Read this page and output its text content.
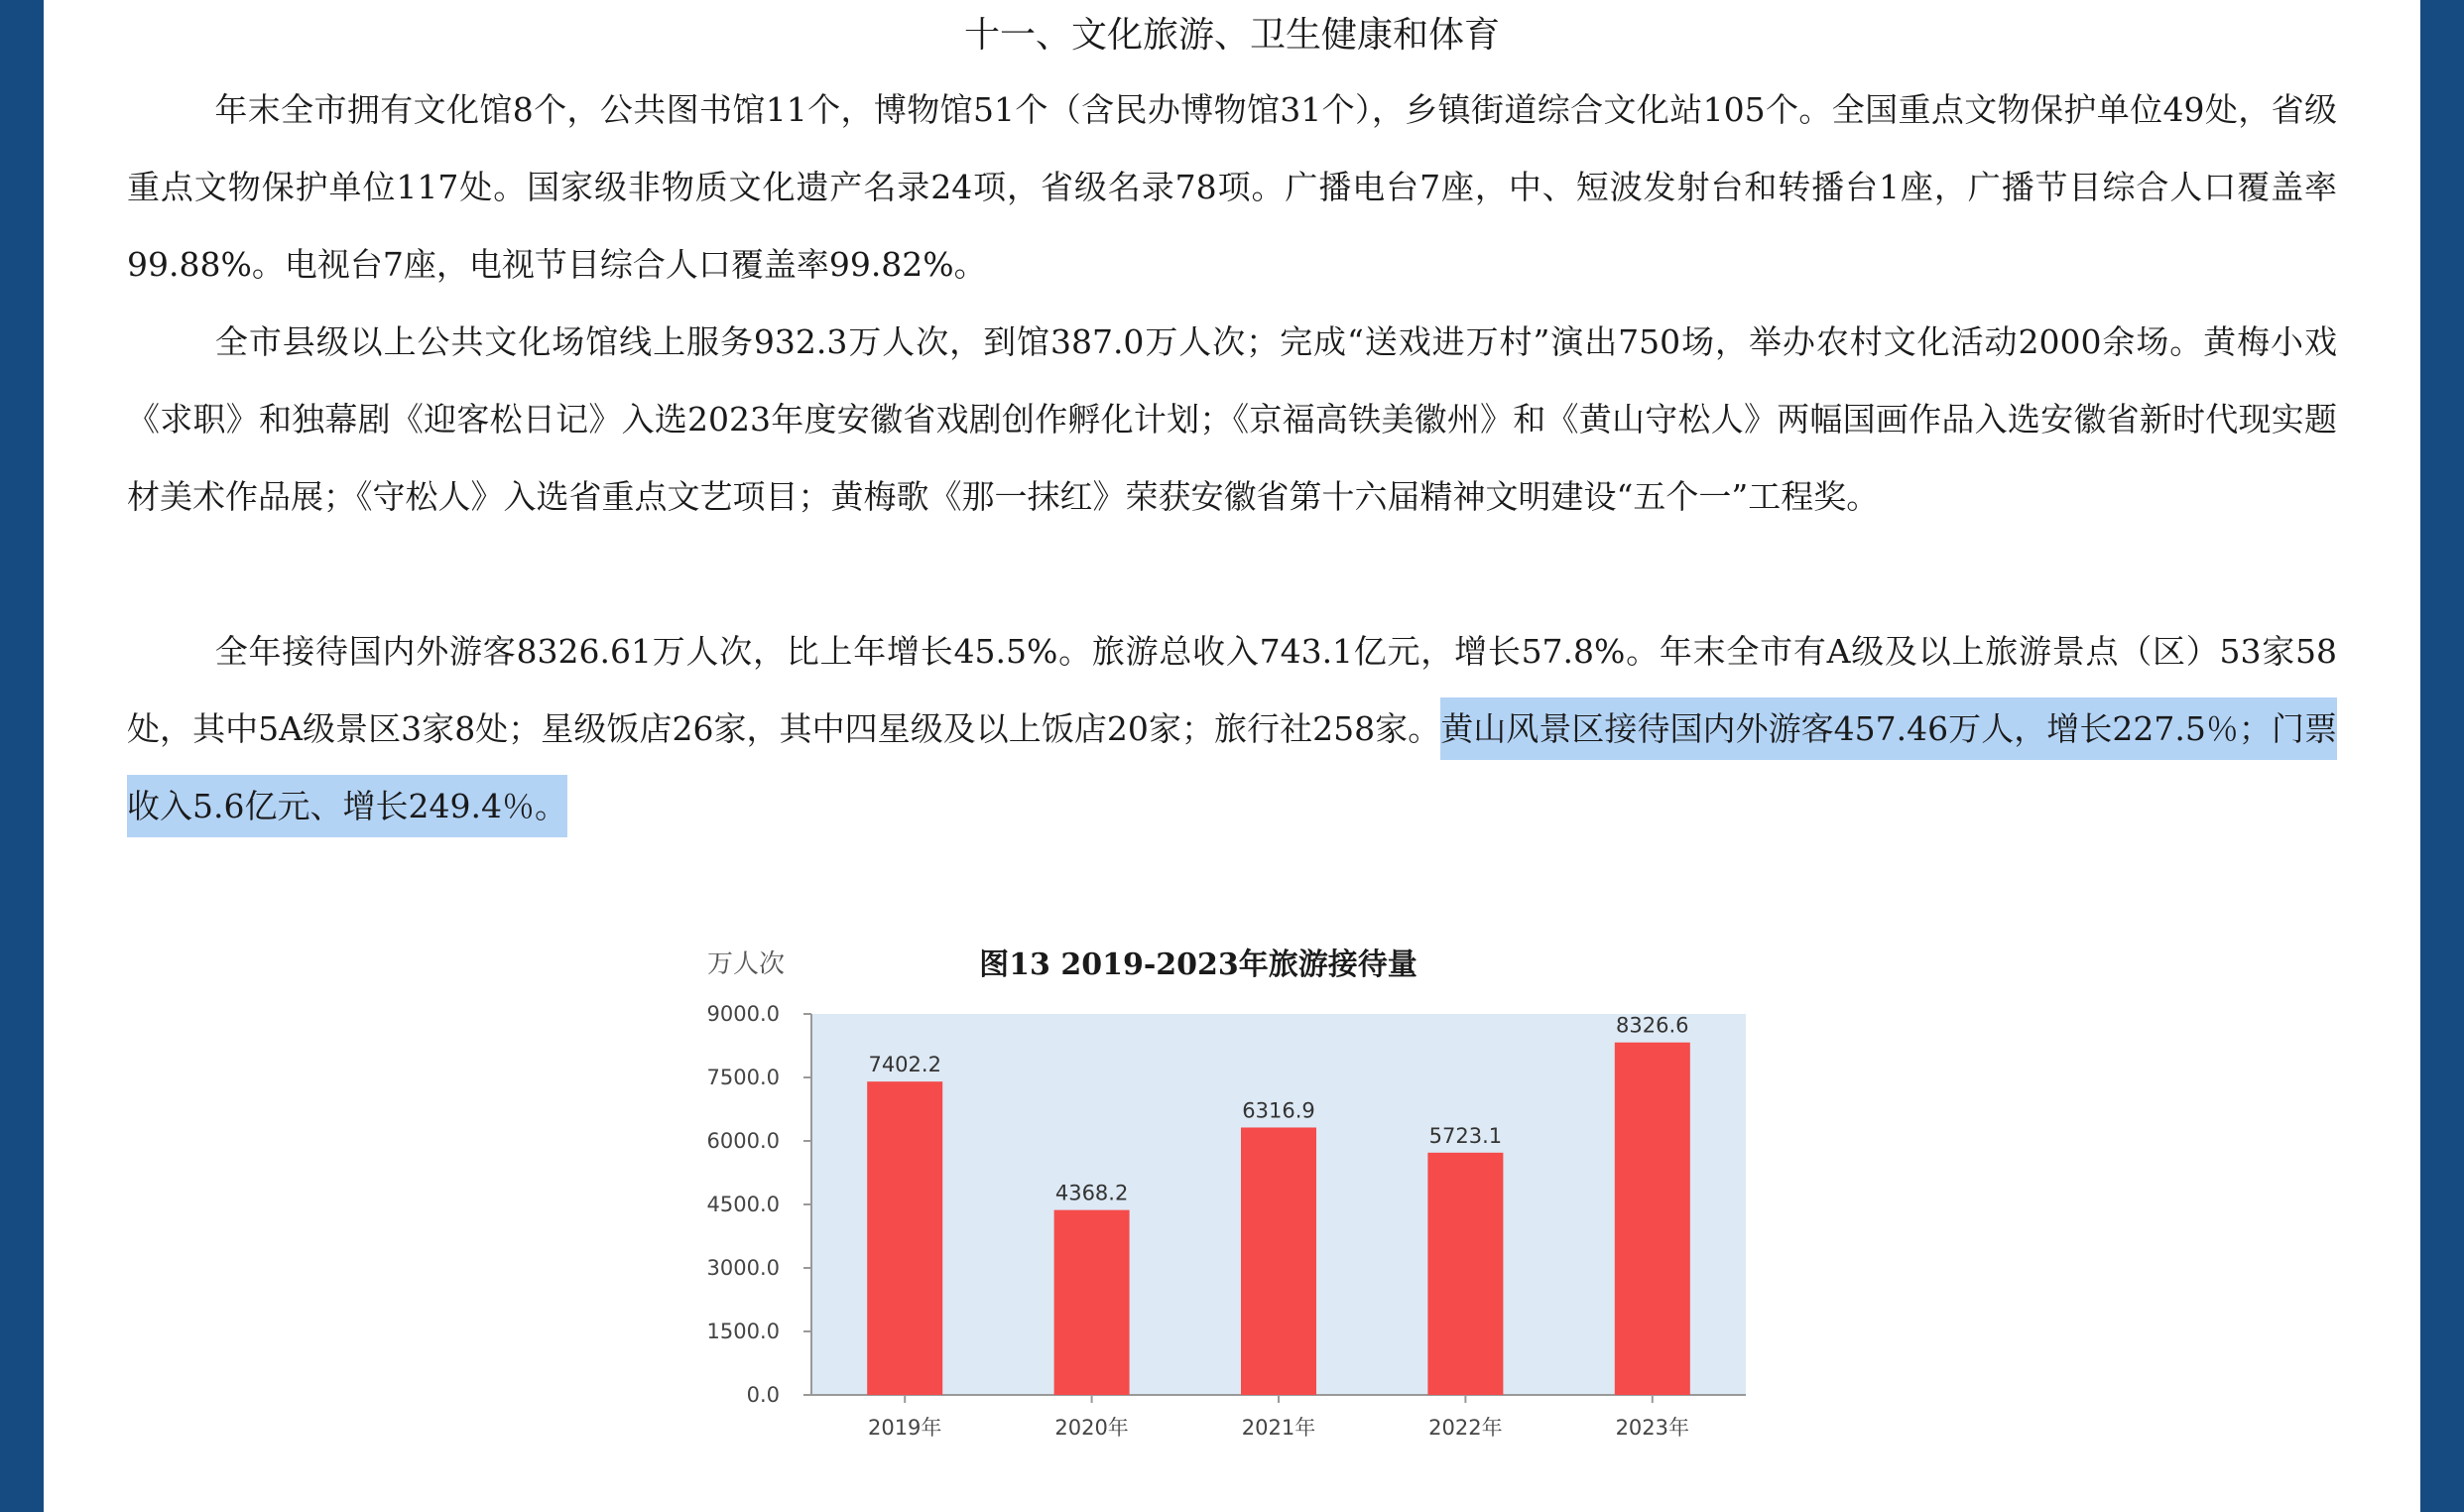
十一、文化旅游、卫生健康和体育

年末全市拥有文化馆8个，公共图书馆11个，博物馆51个（含民办博物馆31个），乡镇街道综合文化站105个。全国重点文物保护单位49处，省级重点文物保护单位117处。国家级非物质文化遗产名录24项，省级名录78项。广播电台7座，中、短波发射台和转播台1座，广播节目综合人口覆盖率99.88%。电视台7座，电视节目综合人口覆盖率99.82%。

全市县级以上公共文化场馆线上服务932.3万人次，到馆387.0万人次；完成“送戏进万村”演出750场，举办农村文化活动2000余场。黄梅小戏《求职》和独幕剧《迎客松日记》入选2023年度安徽省戏剧创作孵化计划；《京福高铁美徽州》和《黄山守松人》两幅国画作品入选安徽省新时代现实题材美术作品展；《守松人》入选省重点文艺项目；黄梅歌《那一抹红》荣获安徽省第十六届精神文明建设“五个一”工程奖。

全年接待国内外游客8326.61万人次，比上年增长45.5%。旅游总收入743.1亿元，增长57.8%。年末全市有A级及以上旅游景点（区）53家58处，其中5A级景区3家8处；星级饭店26家，其中四星级及以上饭店20家；旅行社258家。黄山风景区接待国内外游客457.46万人，增长227.5％；门票收入5.6亿元、增长249.4％。

图13 2019-2023年旅游接待量
万人次
0.0
1500.0
3000.0
4500.0
6000.0
7500.0
9000.0
7402.2
2019年
4368.2
2020年
6316.9
2021年
5723.1
2022年
8326.6
2023年
